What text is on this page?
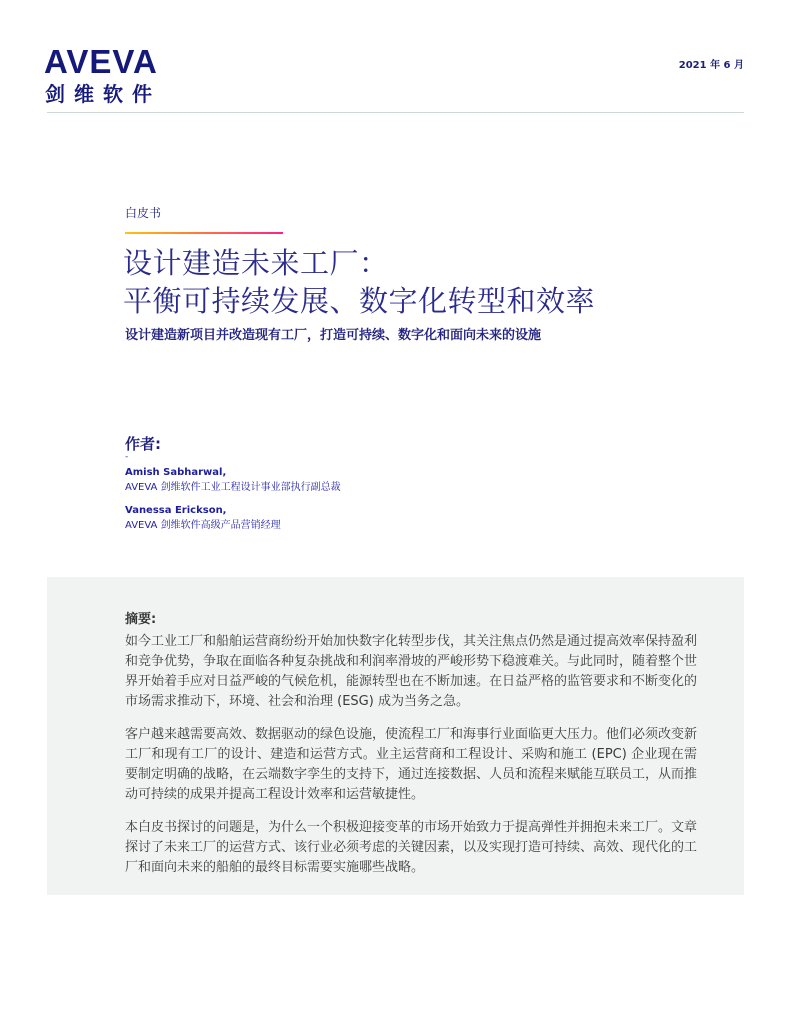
AVEVA
剑维软件
2021 年 6 月
白皮书
设计建造未来工厂：
平衡可持续发展、数字化转型和效率
设计建造新项目并改造现有工厂，打造可持续、数字化和面向未来的设施
作者:
-
Amish Sabharwal,
AVEVA 剑维软件工业工程设计事业部执行副总裁
Vanessa Erickson,
AVEVA 剑维软件高级产品营销经理
摘要:

如今工业工厂和船舶运营商纷纷开始加快数字化转型步伐，其关注焦点仍然是通过提高效率保持盈利和竞争优势，争取在面临各种复杂挑战和利润率滑坡的严峻形势下稳渡难关。与此同时，随着整个世界开始着手应对日益严峻的气候危机，能源转型也在不断加速。在日益严格的监管要求和不断变化的市场需求推动下，环境、社会和治理 (ESG) 成为当务之急。

客户越来越需要高效、数据驱动的绿色设施，使流程工厂和海事行业面临更大压力。他们必须改变新工厂和现有工厂的设计、建造和运营方式。业主运营商和工程设计、采购和施工 (EPC) 企业现在需要制定明确的战略，在云端数字孪生的支持下，通过连接数据、人员和流程来赋能互联员工，从而推动可持续的成果并提高工程设计效率和运营敏捷性。

本白皮书探讨的问题是，为什么一个积极迎接变革的市场开始致力于提高弹性并拥抱未来工厂。文章探讨了未来工厂的运营方式、该行业必须考虑的关键因素，以及实现打造可持续、高效、现代化的工厂和面向未来的船舶的最终目标需要实施哪些战略。
